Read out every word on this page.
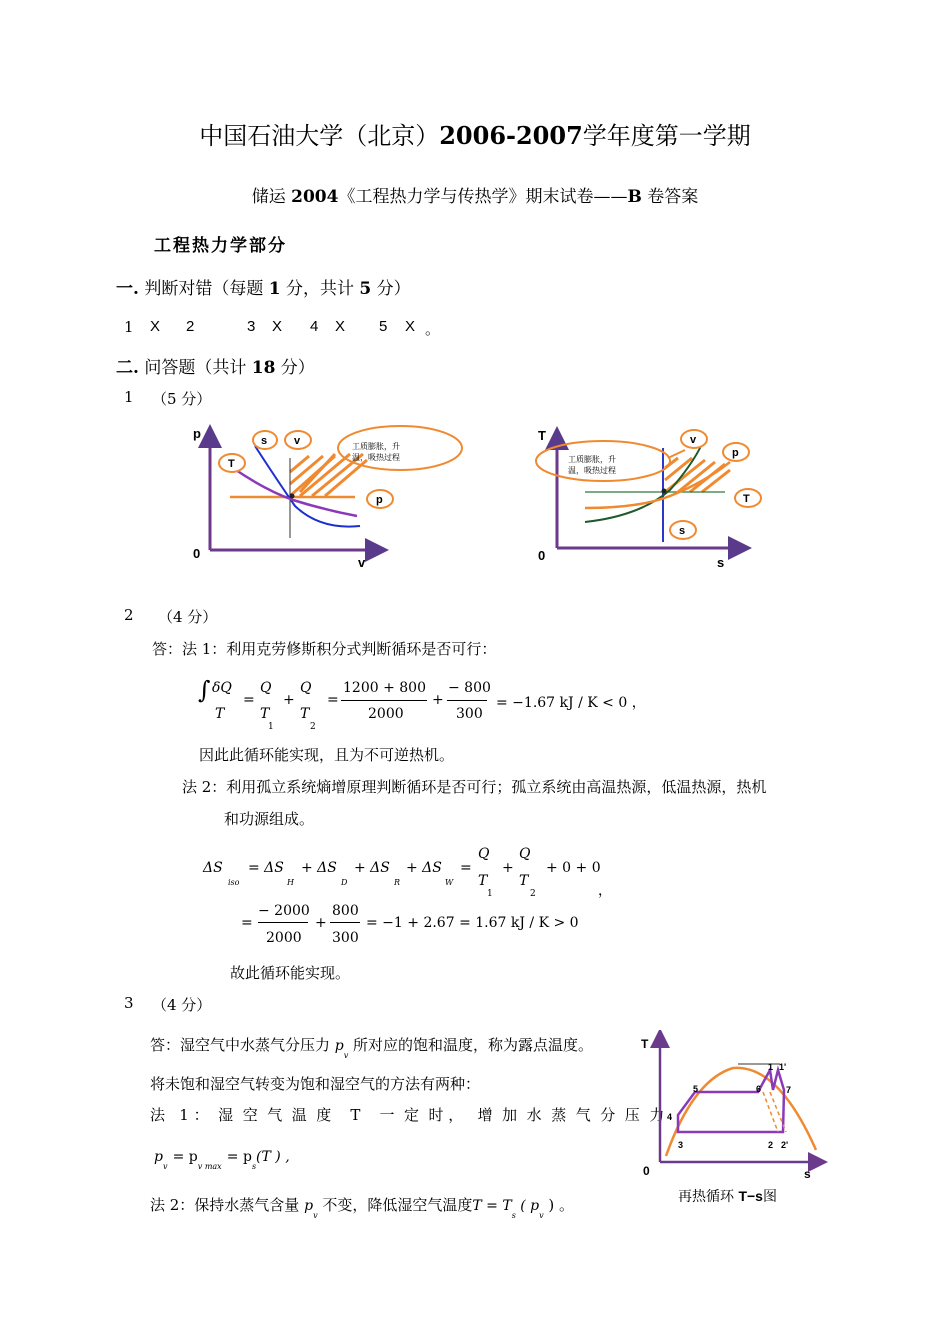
中国石油大学（北京）2006-2007学年度第一学期
储运 2004《工程热力学与传热学》期末试卷——B 卷答案
工程热力学部分
一. 判断对错（每题 1 分，共计 5 分）
1 X 2	3 X 4 X 5 X 。
二. 问答题（共计 18 分）
1 （5 分）
p
v
0
s v
T
p
工质膨胀，升
温，吸热过程
T
s
0
v
p
T
s
工质膨胀，升
温，吸热过程
2 （4 分）
答：法 1：利用克劳修斯积分式判断循环是否可行：
∫ δQ
T
=
Q
T
1
+
Q
T
2
=
1200 + 800
2000
+
− 800
300
= −1.67 kJ / K < 0 ，
因此此循环能实现，且为不可逆热机。
法 2：利用孤立系统熵增原理判断循环是否可行；孤立系统由高温热源，低温热源，热机
和功源组成。
ΔS
iso
= ΔS
H
+ ΔS
D
+ ΔS
R
+ ΔS
W
=
Q
T
1
+
Q
T
2
+ 0 + 0
，
=
− 2000
2000
+
800
300
= −1 + 2.67 = 1.67 kJ / K > 0
故此循环能实现。
3 （4 分）
答：湿空气中水蒸气分压力 $p_v$ 所对应的饱和温度，称为露点温度。
将未饱和湿空气转变为饱和湿空气的方法有两种：
法   1 ：  湿  空  气  温  度    T    一  定  时 ，   增  加  水  蒸  气  分  压  力
$p_v = p_{v max} = p_s(T$ ) ,
法 2：保持水蒸气含量 $p_v$ 不变，降低湿空气温度$T = T_s$ ( $p_v$ ) 。
T
s
0
1 1'
5	6	7
4
3	2 2'
再热循环 T−s图
